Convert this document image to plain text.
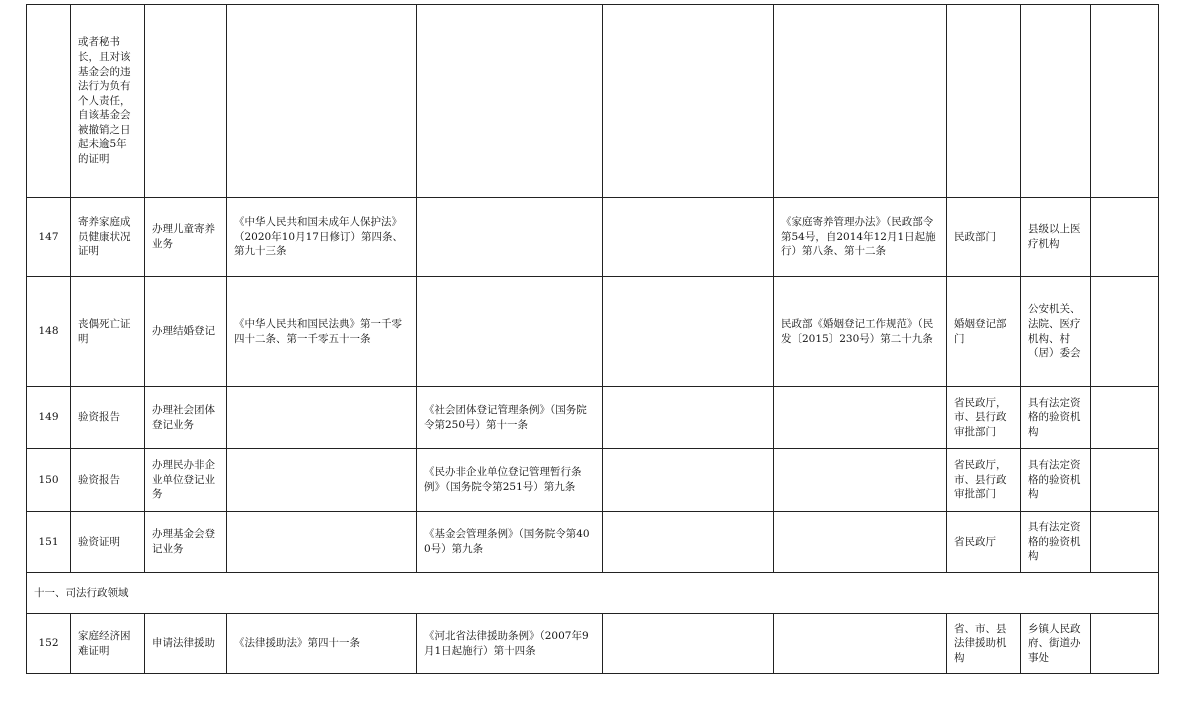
	或者秘书长，且对该基金会的违法行为负有个人责任，自该基金会被撤销之日起未逾5年的证明								
147	寄养家庭成员健康状况证明	办理儿童寄养业务	《中华人民共和国未成年人保护法》（2020年10月17日修订）第四条、第九十三条			《家庭寄养管理办法》（民政部令第54号，自2014年12月1日起施行）第八条、第十二条	民政部门	县级以上医疗机构	
148	丧偶死亡证明	办理结婚登记	《中华人民共和国民法典》第一千零四十二条、第一千零五十一条			民政部《婚姻登记工作规范》（民发〔2015〕230号）第二十九条	婚姻登记部门	公安机关、法院、医疗机构、村（居）委会	
149	验资报告	办理社会团体登记业务		《社会团体登记管理条例》（国务院令第250号）第十一条			省民政厅，市、县行政审批部门	具有法定资格的验资机构	
150	验资报告	办理民办非企业单位登记业务		《民办非企业单位登记管理暂行条例》（国务院令第251号）第九条			省民政厅，市、县行政审批部门	具有法定资格的验资机构	
151	验资证明	办理基金会登记业务		《基金会管理条例》（国务院令第400号）第九条			省民政厅	具有法定资格的验资机构	
十一、司法行政领域									
152	家庭经济困难证明	申请法律援助	《法律援助法》第四十一条	《河北省法律援助条例》（2007年9月1日起施行）第十四条			省、市、县法律援助机构	乡镇人民政府、街道办事处	
